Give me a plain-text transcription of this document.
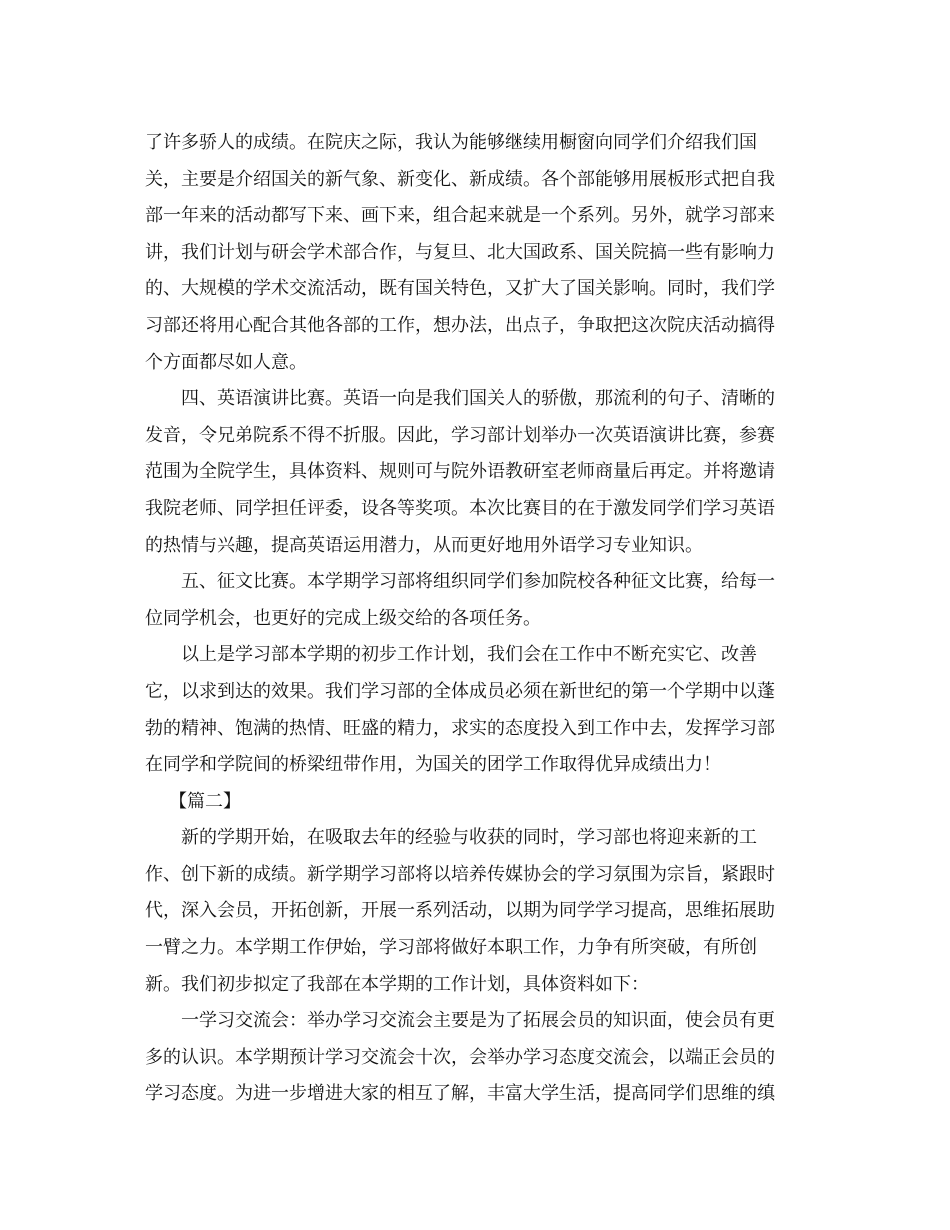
了许多骄人的成绩。在院庆之际，我认为能够继续用橱窗向同学们介绍我们国
关，主要是介绍国关的新气象、新变化、新成绩。各个部能够用展板形式把自我
部一年来的活动都写下来、画下来，组合起来就是一个系列。另外，就学习部来
讲，我们计划与研会学术部合作，与复旦、北大国政系、国关院搞一些有影响力
的、大规模的学术交流活动，既有国关特色，又扩大了国关影响。同时，我们学
习部还将用心配合其他各部的工作，想办法，出点子，争取把这次院庆活动搞得
个方面都尽如人意。
四、英语演讲比赛。英语一向是我们国关人的骄傲，那流利的句子、清晰的
发音，令兄弟院系不得不折服。因此，学习部计划举办一次英语演讲比赛，参赛
范围为全院学生，具体资料、规则可与院外语教研室老师商量后再定。并将邀请
我院老师、同学担任评委，设各等奖项。本次比赛目的在于激发同学们学习英语
的热情与兴趣，提高英语运用潜力，从而更好地用外语学习专业知识。
五、征文比赛。本学期学习部将组织同学们参加院校各种征文比赛，给每一
位同学机会，也更好的完成上级交给的各项任务。
以上是学习部本学期的初步工作计划，我们会在工作中不断充实它、改善
它，以求到达的效果。我们学习部的全体成员必须在新世纪的第一个学期中以蓬
勃的精神、饱满的热情、旺盛的精力，求实的态度投入到工作中去，发挥学习部
在同学和学院间的桥梁纽带作用，为国关的团学工作取得优异成绩出力！
【篇二】
新的学期开始，在吸取去年的经验与收获的同时，学习部也将迎来新的工
作、创下新的成绩。新学期学习部将以培养传媒协会的学习氛围为宗旨，紧跟时
代，深入会员，开拓创新，开展一系列活动，以期为同学学习提高，思维拓展助
一臂之力。本学期工作伊始，学习部将做好本职工作，力争有所突破，有所创
新。我们初步拟定了我部在本学期的工作计划，具体资料如下：
一学习交流会：举办学习交流会主要是为了拓展会员的知识面，使会员有更
多的认识。本学期预计学习交流会十次，会举办学习态度交流会，以端正会员的
学习态度。为进一步增进大家的相互了解，丰富大学生活，提高同学们思维的缜
